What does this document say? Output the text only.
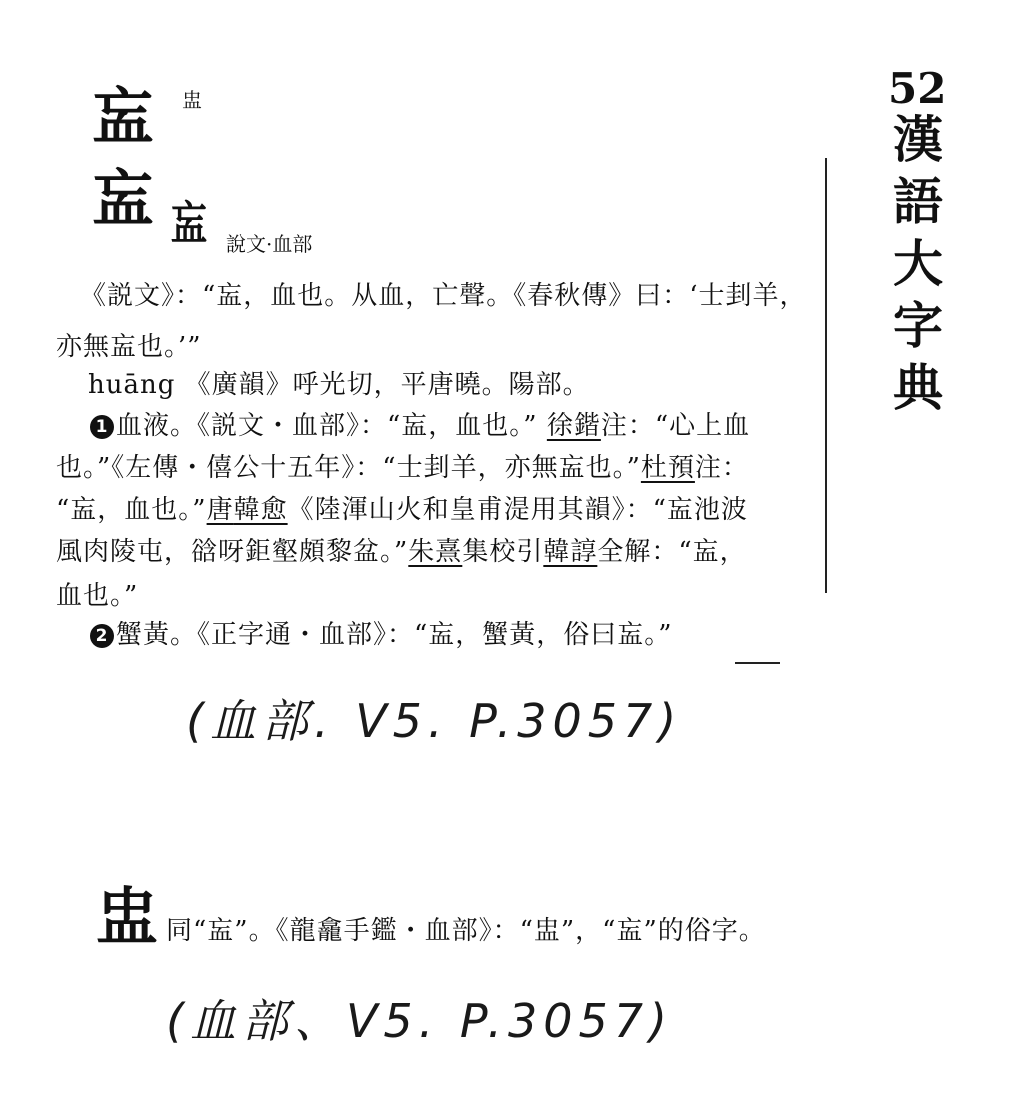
52
漢
語
大
字
典
衁 盅
衁 衁 說文·血部
《説文》：“衁，血也。从血，亡聲。《春秋傳》曰：‘士刲羊，
亦無衁也。’”
huāng 《廣韻》呼光切，平唐曉。陽部。
1 血液。《説文・血部》：“衁，血也。” 徐鍇注：“心上血
也。”《左傳・僖公十五年》：“士刲羊，亦無衁也。”杜預注：
“衁，血也。”唐韓愈《陸渾山火和皇甫湜用其韻》：“衁池波
風肉陵屯，谽呀鉅壑頗黎盆。”朱熹集校引韓諄全解：“衁，
血也。”
2 蟹黃。《正字通・血部》：“衁，蟹黃，俗曰衁。”
(血部. V5. P.3057)
盅 同“衁”。《龍龕手鑑・血部》：“盅”，“衁”的俗字。
(血部、V5. P.3057)
